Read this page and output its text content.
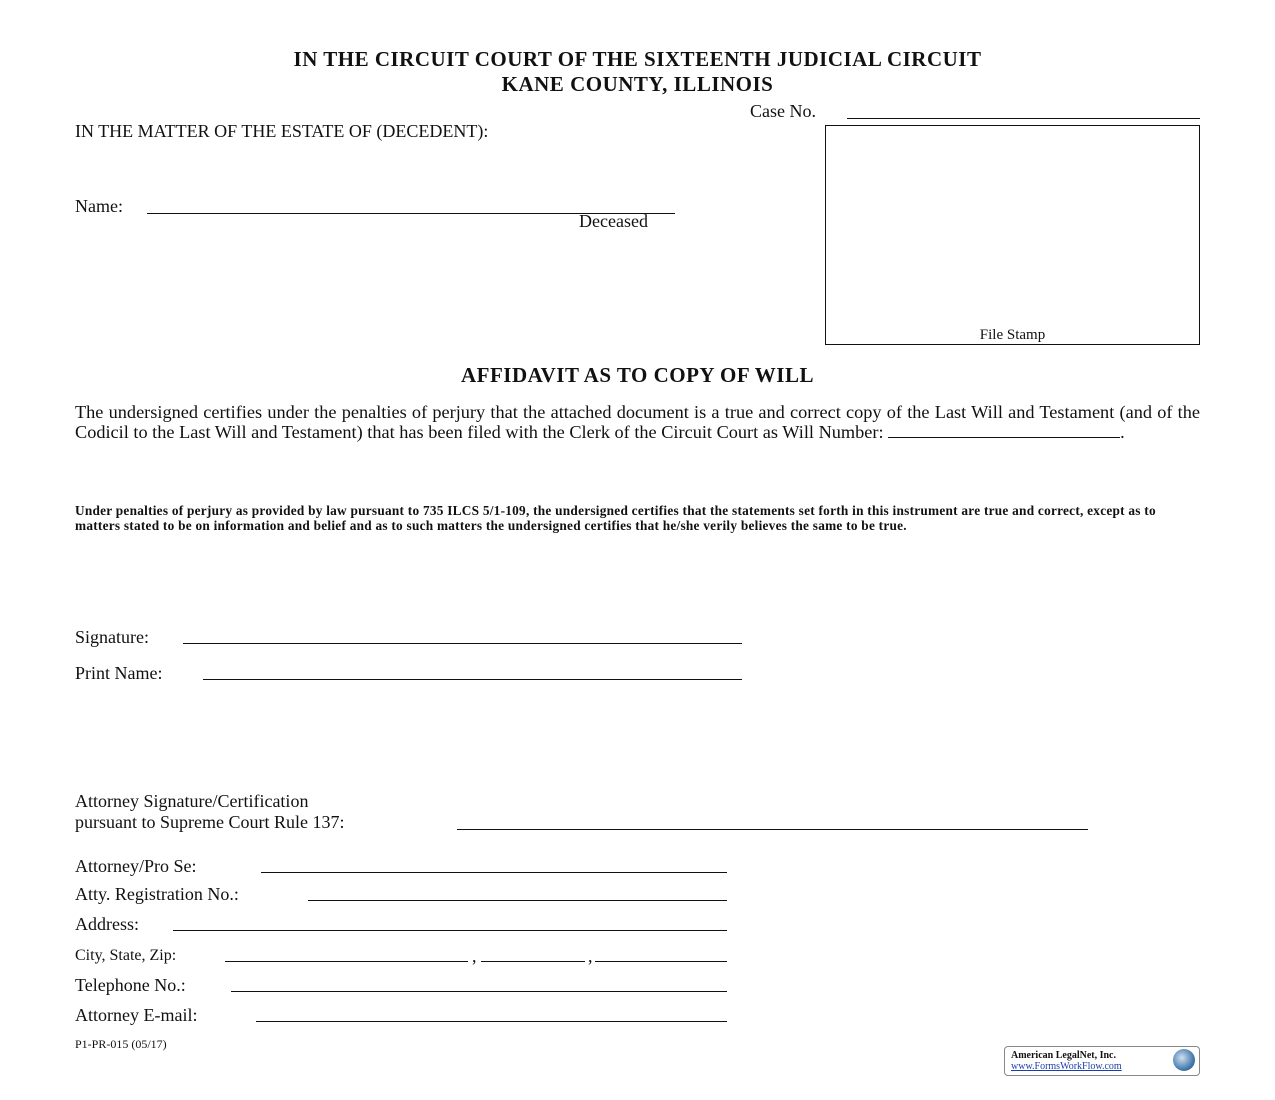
IN THE CIRCUIT COURT OF THE SIXTEENTH JUDICIAL CIRCUIT
KANE COUNTY, ILLINOIS
Case No.
IN THE MATTER OF THE ESTATE OF (DECEDENT):
File Stamp
Name:
Deceased
AFFIDAVIT AS TO COPY OF WILL
The undersigned certifies under the penalties of perjury that the attached document is a true and correct copy of the Last Will and Testament (and of the Codicil to the Last Will and Testament) that has been filed with the Clerk of the Circuit Court as Will Number:	.
Under penalties of perjury as provided by law pursuant to 735 ILCS 5/1-109, the undersigned certifies that the statements set forth in this instrument are true and correct, except as to matters stated to be on information and belief and as to such matters the undersigned certifies that he/she verily believes the same to be true.
Signature:
Print Name:
Attorney Signature/Certification
pursuant to Supreme Court Rule 137:
Attorney/Pro Se:
Atty. Registration No.:
Address:
City, State, Zip:	,	,
Telephone No.:
Attorney E-mail:
P1-PR-015 (05/17)
American LegalNet, Inc.
www.FormsWorkFlow.com
